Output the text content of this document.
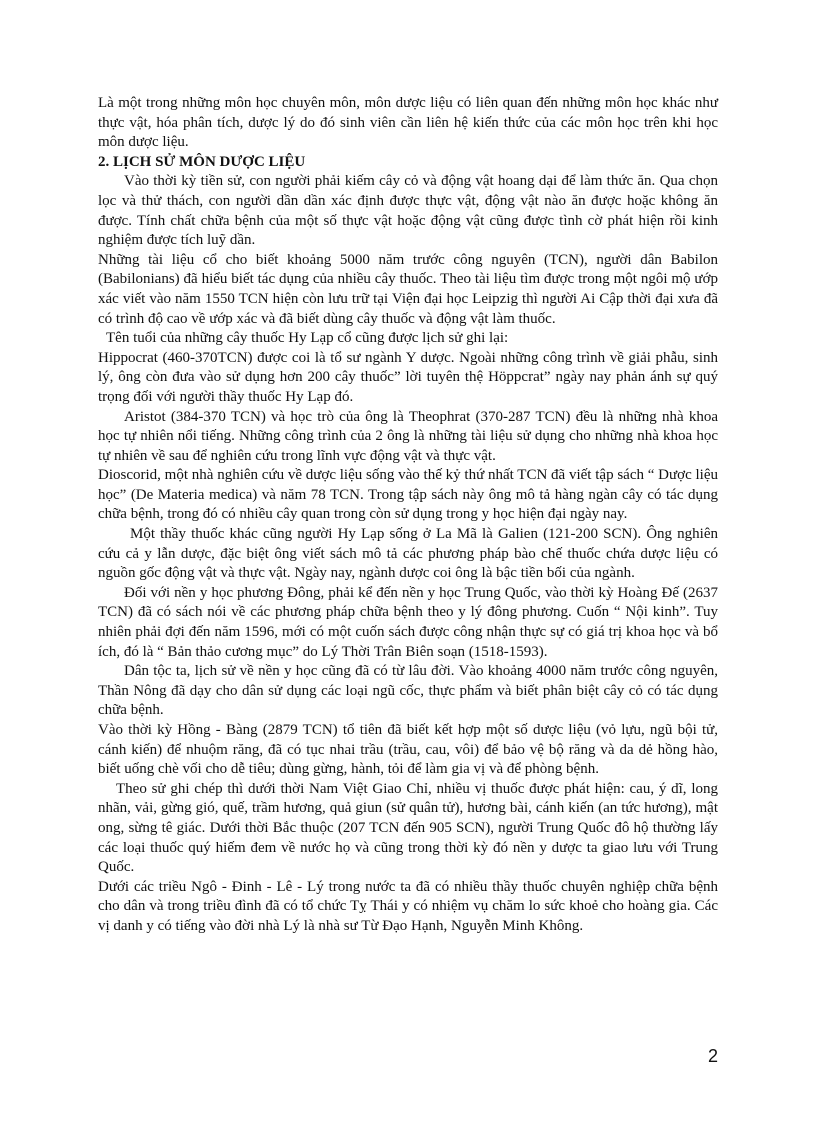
Là một trong những môn học chuyên môn, môn dược liệu có liên quan đến những môn học khác như thực vật, hóa phân tích, dược lý do đó sinh viên cần liên hệ kiến thức của các môn học trên khi học môn dược liệu.

2. LỊCH SỬ MÔN DƯỢC LIỆU

Vào thời kỳ tiền sử, con người phải kiếm cây cỏ và động vật hoang dại để làm thức ăn. Qua chọn lọc và thử thách, con người dần dần xác định được thực vật, động vật nào ăn được hoặc không ăn được. Tính chất chữa bệnh của một số thực vật hoặc động vật cũng được tình cờ phát hiện rồi kinh nghiệm được tích luỹ dần.

Những tài liệu cổ cho biết khoảng 5000 năm trước công nguyên (TCN), người dân Babilon (Babilonians) đã hiểu biết tác dụng của nhiều cây thuốc. Theo tài liệu tìm được trong một ngôi mộ ướp xác viết vào năm 1550 TCN hiện còn lưu trữ tại Viện đại học Leipzig thì người Ai Cập thời đại xưa đã có trình độ cao về ướp xác và đã biết dùng cây thuốc và động vật làm thuốc.

Tên tuổi của những cây thuốc Hy Lạp cổ cũng được lịch sử ghi lại:

Hippocrat (460-370TCN) được coi là tổ sư ngành Y dược. Ngoài những công trình về giải phẫu, sinh lý, ông còn đưa vào sử dụng hơn 200 cây thuốc” lời tuyên thệ Höppcrat” ngày nay phản ánh sự quý trọng đối với người thầy thuốc Hy Lạp đó.

Aristot (384-370 TCN) và học trò của ông là Theophrat (370-287 TCN) đều là những nhà khoa học tự nhiên nổi tiếng. Những công trình của 2 ông là những tài liệu sử dụng cho những nhà khoa học tự nhiên về sau để nghiên cứu trong lĩnh vực động vật và thực vật.

Dioscorid, một nhà nghiên cứu về dược liệu sống vào thế kỷ thứ nhất TCN đã viết tập sách “ Dược liệu học” (De Materia medica) và năm 78 TCN. Trong tập sách này ông mô tả hàng ngàn cây có tác dụng chữa bệnh, trong đó có nhiều cây quan trong còn sử dụng trong y học hiện đại ngày nay.

Một thầy thuốc khác cũng người Hy Lạp sống ở La Mã là Galien (121-200 SCN). Ông nghiên cứu cả y lẫn dược, đặc biệt ông viết sách mô tả các phương pháp bào chế thuốc chứa dược liệu có nguồn gốc động vật và thực vật. Ngày nay, ngành dược coi ông là bậc tiền bối của ngành.

Đối với nền y học phương Đông, phải kể đến nền y học Trung Quốc, vào thời kỳ Hoàng Đế (2637 TCN) đã có sách nói về các phương pháp chữa bệnh theo y lý đông phương. Cuốn “ Nội kinh”. Tuy nhiên phải đợi đến năm 1596, mới có một cuốn sách được công nhận thực sự có giá trị khoa học và bổ ích, đó là “ Bản thảo cương mục” do Lý Thời Trân Biên soạn (1518-1593).

Dân tộc ta, lịch sử về nền y học cũng đã có từ lâu đời. Vào khoảng 4000 năm trước công nguyên, Thần Nông đã dạy cho dân sử dụng các loại ngũ cốc, thực phẩm và biết phân biệt cây cỏ có tác dụng chữa bệnh.

Vào thời kỳ Hồng - Bàng (2879 TCN) tổ tiên đã biết kết hợp một số dược liệu (vỏ lựu, ngũ bội tử, cánh kiến) để nhuộm răng, đã có tục nhai trầu (trầu, cau, vôi) để bảo vệ bộ răng và da dẻ hồng hào, biết uống chè vối cho dễ tiêu; dùng gừng, hành, tỏi để làm gia vị và để phòng bệnh.

Theo sử ghi chép thì dưới thời Nam Việt Giao Chỉ, nhiều vị thuốc được phát hiện: cau, ý dĩ, long nhãn, vải, gừng gió, quế, trầm hương, quả giun (sử quân tử), hương bài, cánh kiến (an tức hương), mật ong, sừng tê giác. Dưới thời Bắc thuộc (207 TCN đến 905 SCN), người Trung Quốc đô hộ thường lấy các loại thuốc quý hiếm đem về nước họ và cũng trong thời kỳ đó nền y dược ta giao lưu với Trung Quốc.

Dưới các triều Ngô - Đinh - Lê - Lý trong nước ta đã có nhiều thầy thuốc chuyên nghiệp chữa bệnh cho dân và trong triều đình đã có tổ chức Tỵ Thái y có nhiệm vụ chăm lo sức khoẻ cho hoàng gia. Các vị danh y có tiếng vào đời nhà Lý là nhà sư Từ Đạo Hạnh, Nguyễn Minh Không.

2
